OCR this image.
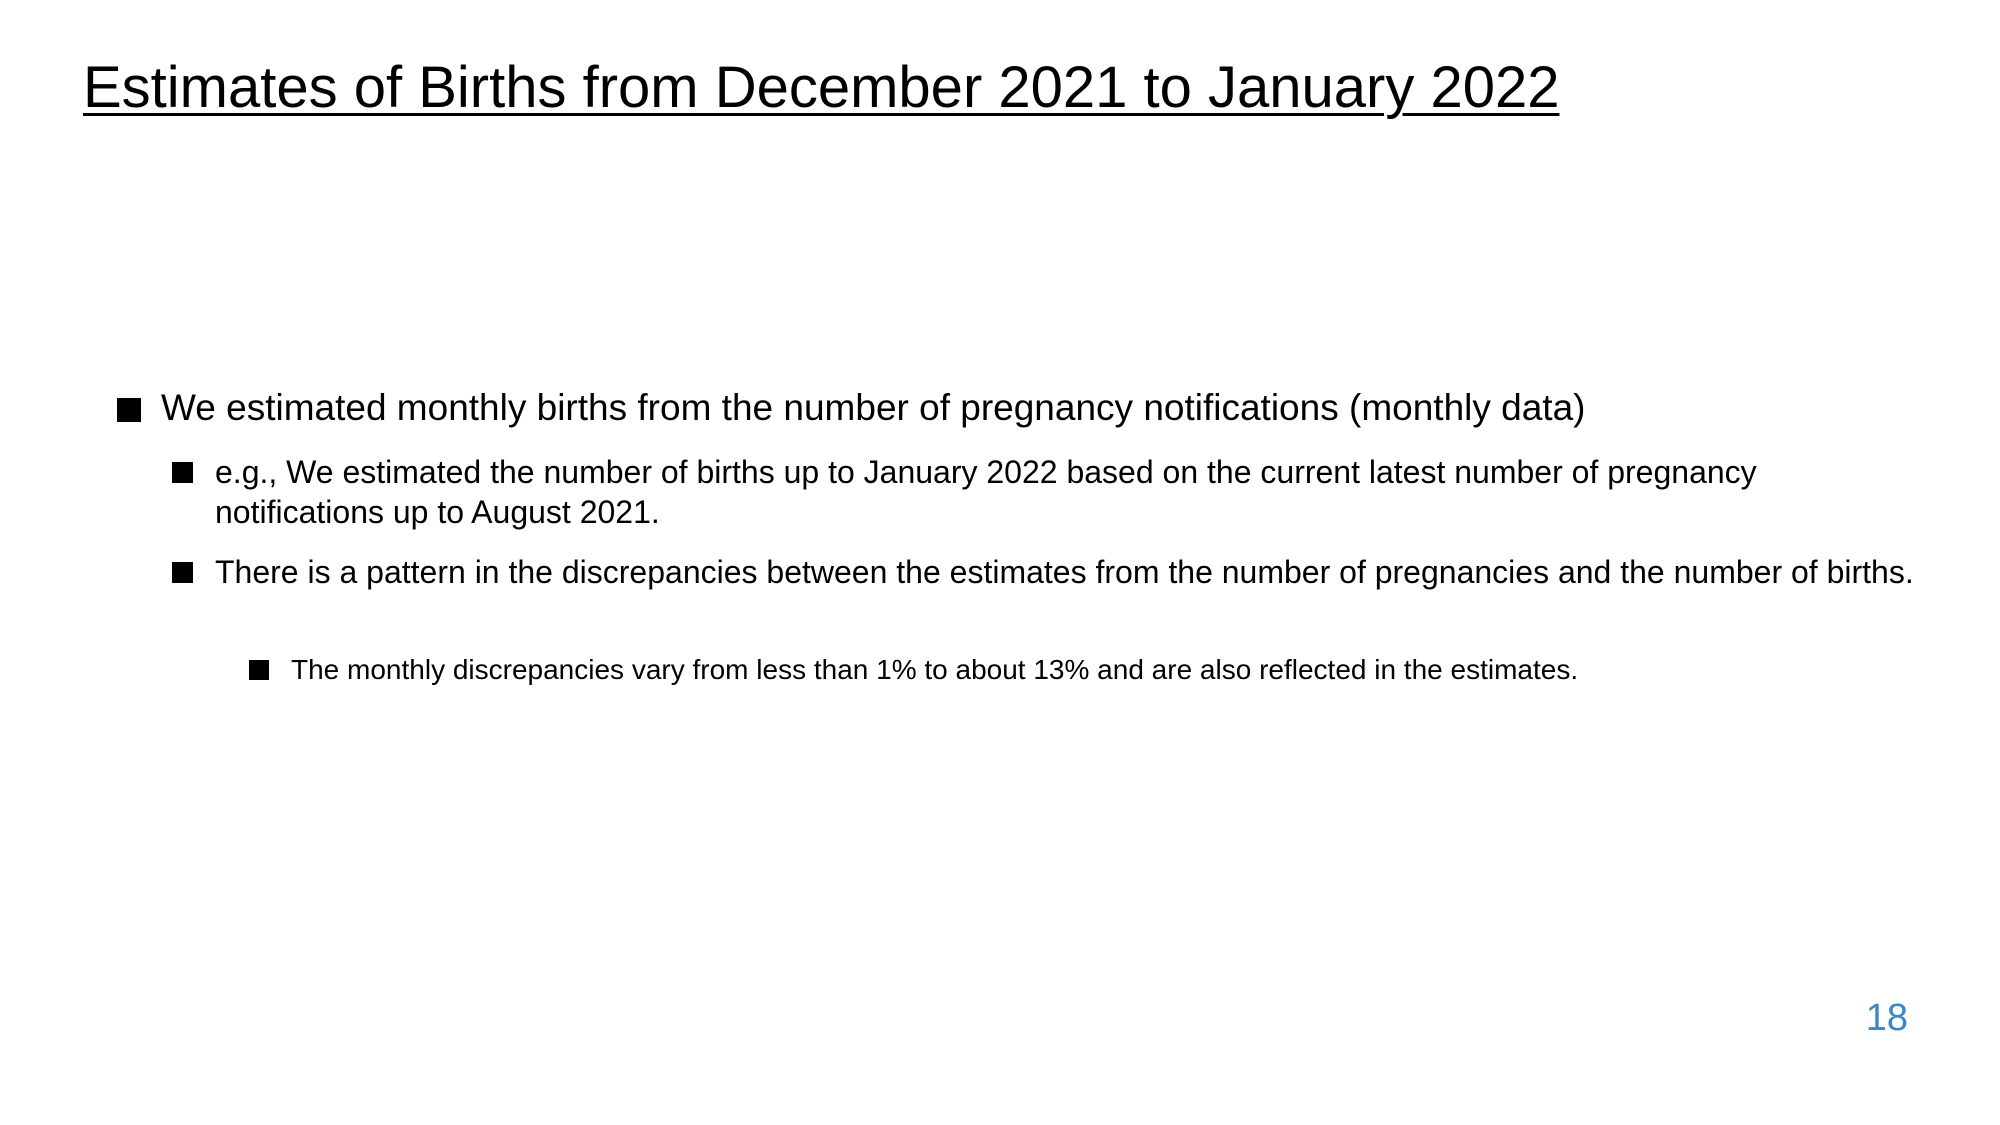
Estimates of Births from December 2021 to January 2022
We estimated monthly births from the number of pregnancy notifications (monthly data)
e.g., We estimated the number of births up to January 2022 based on the current latest number of pregnancy notifications up to August 2021.
There is a pattern in the discrepancies between the estimates from the number of pregnancies and the number of births.
The monthly discrepancies vary from less than 1% to about 13% and are also reflected in the estimates.
18
